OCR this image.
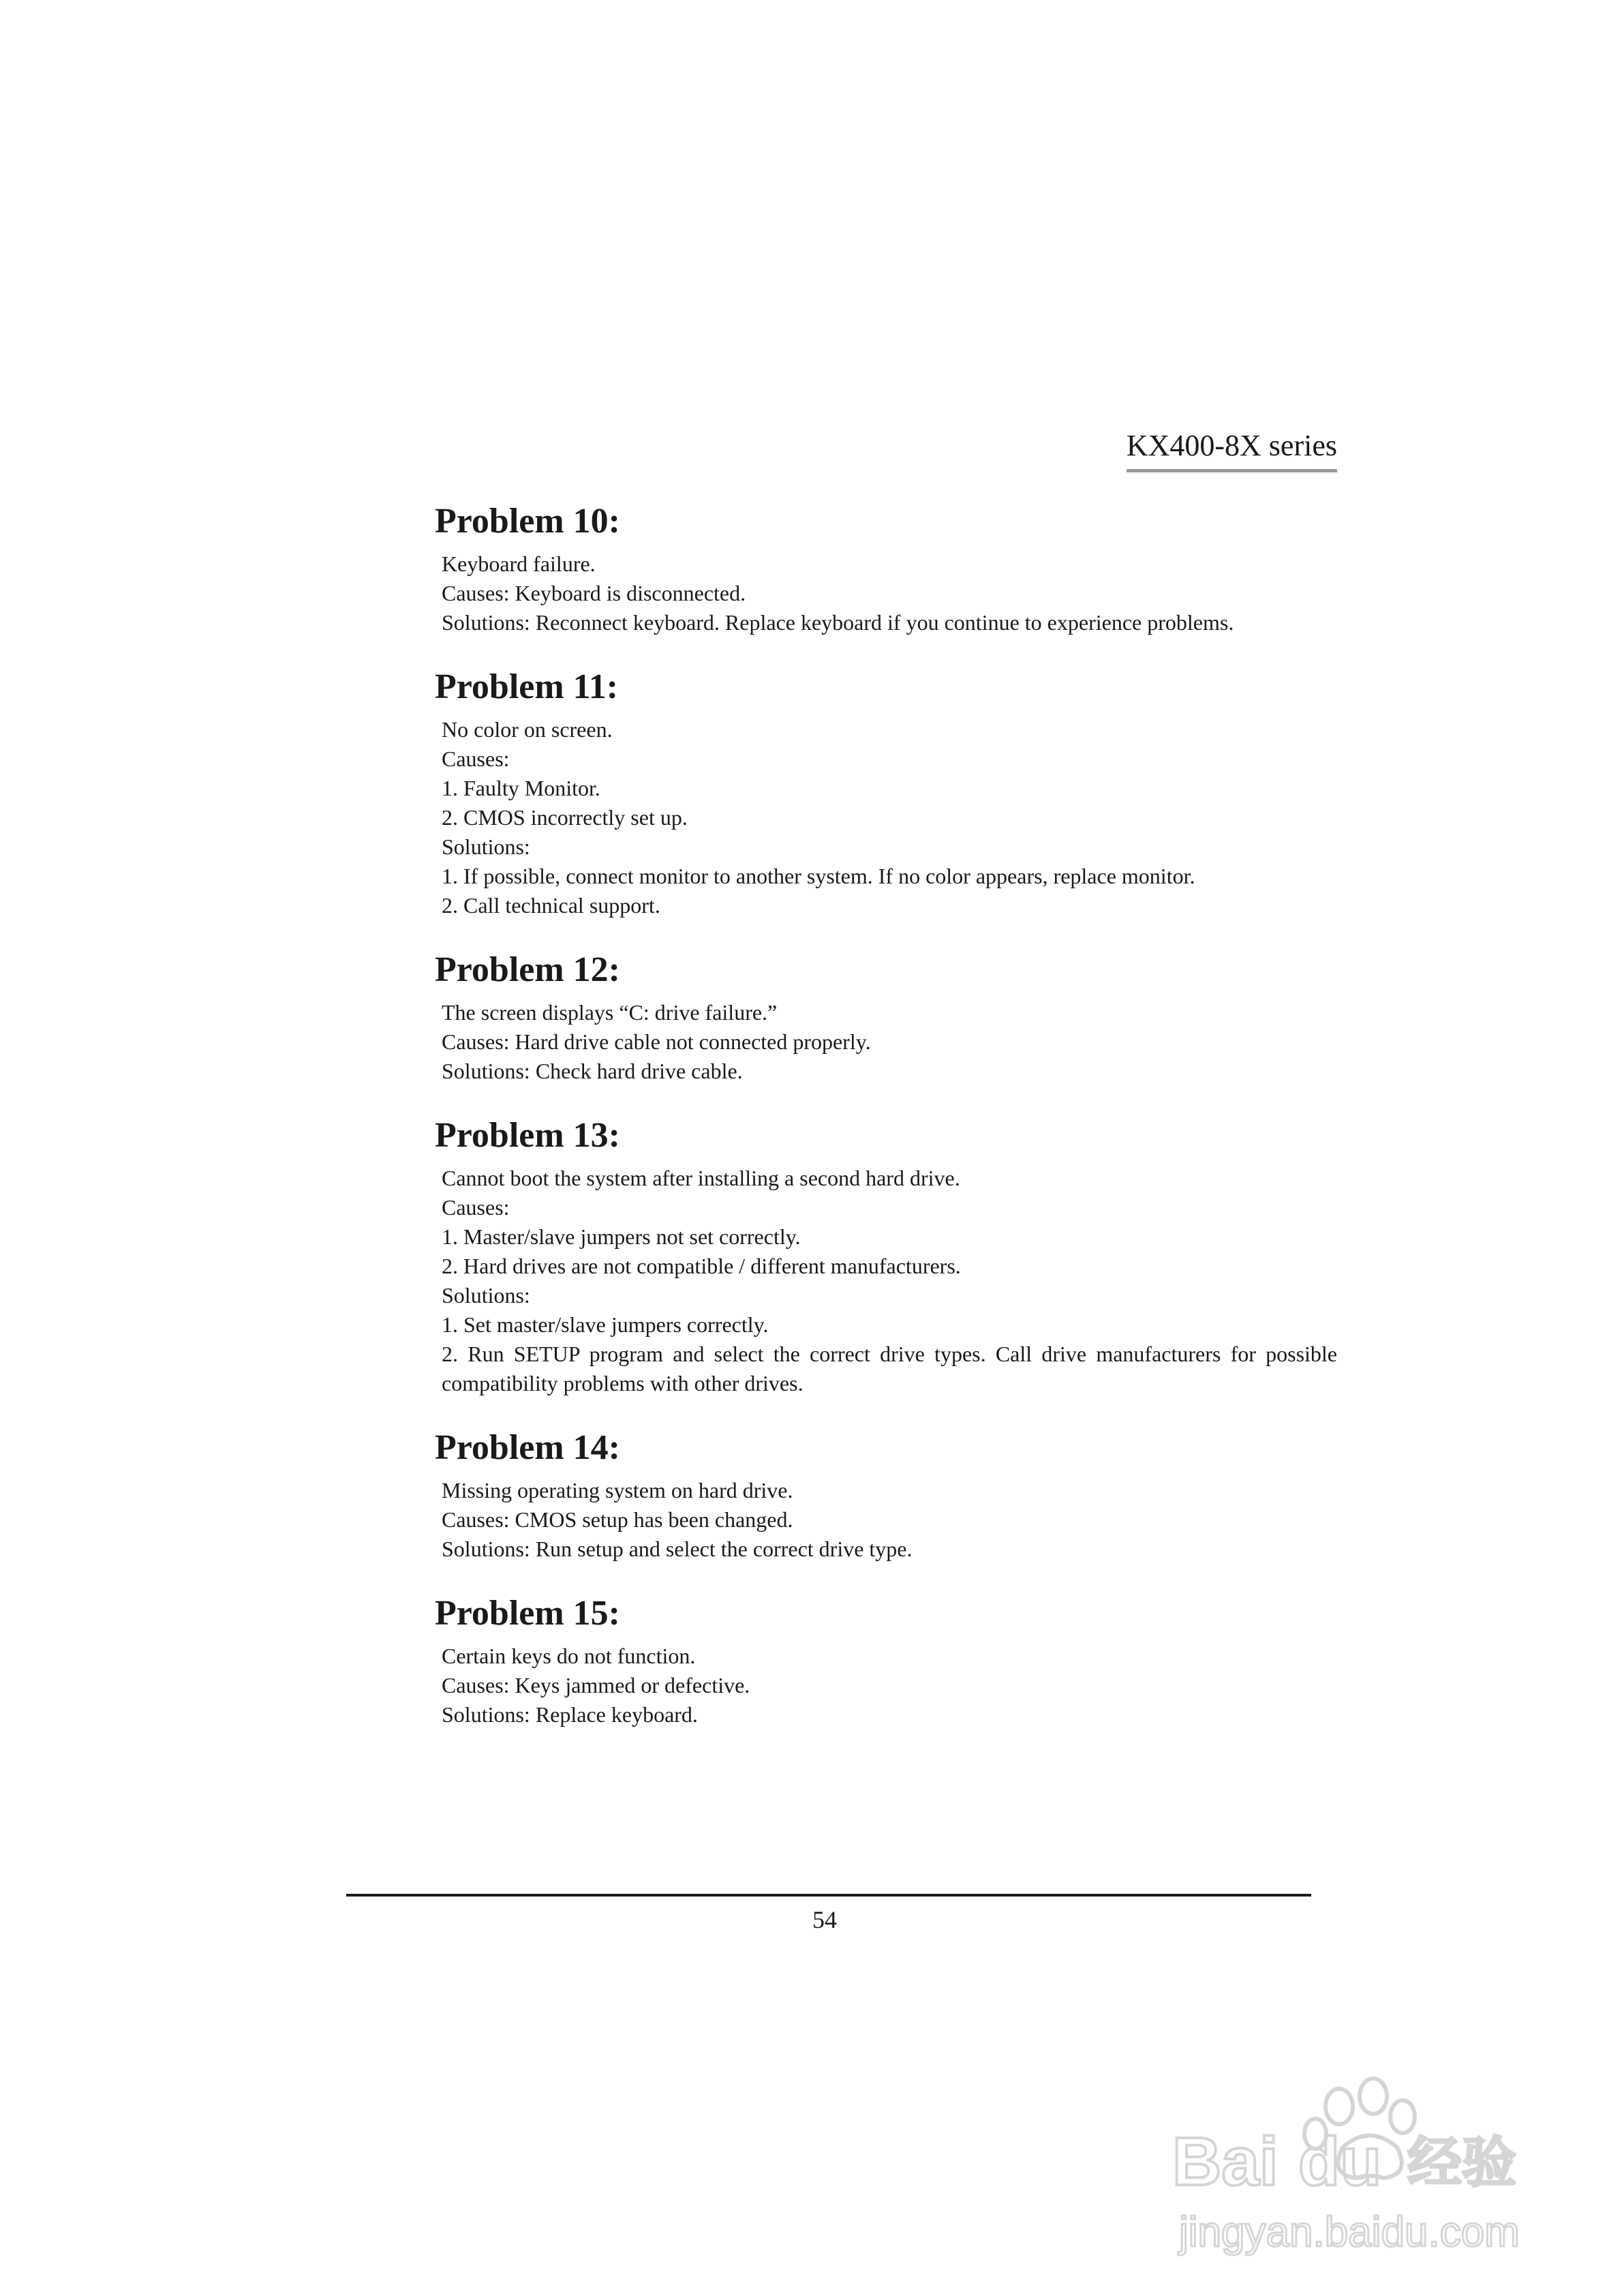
KX400-8X series
Problem 10:
Keyboard failure.
Causes: Keyboard is disconnected.
Solutions: Reconnect keyboard. Replace keyboard if you continue to experience problems.
Problem 11:
No color on screen.
Causes:
1. Faulty Monitor.
2. CMOS incorrectly set up.
Solutions:
1. If possible, connect monitor to another system. If no color appears, replace monitor.
2. Call technical support.
Problem 12:
The screen displays “C: drive failure.”
Causes: Hard drive cable not connected properly.
Solutions: Check hard drive cable.
Problem 13:
Cannot boot the system after installing a second hard drive.
Causes:
1. Master/slave jumpers not set correctly.
2. Hard drives are not compatible / different manufacturers.
Solutions:
1. Set master/slave jumpers correctly.
2. Run SETUP program and select the correct drive types. Call drive manufacturers for possible compatibility problems with other drives.
Problem 14:
Missing operating system on hard drive.
Causes: CMOS setup has been changed.
Solutions: Run setup and select the correct drive type.
Problem 15:
Certain keys do not function.
Causes: Keys jammed or defective.
Solutions: Replace keyboard.
54
Bai du 经验
jingyan.baidu.com
